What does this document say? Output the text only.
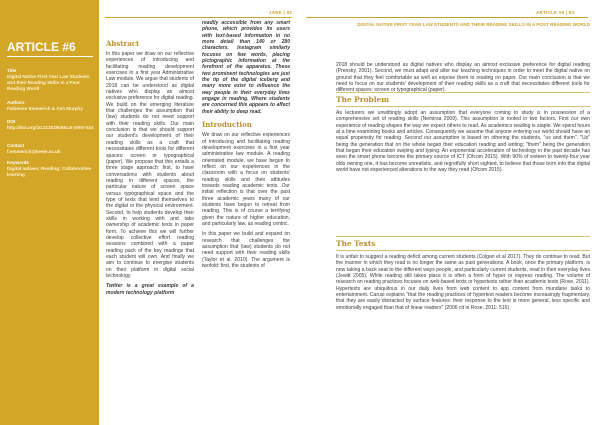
ARTICLE #6
Title
Digital Native First Year Law Students and their Reading Skills in a Post Reading World
Authors
Fabienne Emmerich & Ash Murphy
DOI
http://doi.org/10.21252/KEELE-0000-034
Contact
f.emmerich@keele.ac.uk
Keywords
Digital natives; Reading; Collaborative learning
JADE | 92
Abstract
In this paper we draw on our reflective experiences of introducing and facilitating reading development exercises in a first year Administrative Law module. We argue that students of 2018 can be understood as digital natives who display an almost exclusive preference for digital reading. We build on the emerging literature that challenges the assumption that (law) students do not need support with their reading skills. Our main conclusion is that we should support our student's development of their reading skills as a craft that necessitates different tools for different spaces: screen or typographical (paper). We propose that this entails a three stage approach: first, to have conversations with students about reading in different spaces, the particular nature of screen space versus typographical space and the type of texts that lend themselves to the digital or the physical environment. Second, to help students develop their skills in working with and take ownership of academic texts in paper form. To achieve this we will further develop collective effort reading sessions combined with a paper reading pack of the key readings that each student will own. And finally we aim to continue to energise students on their platform in digital social technology.
Twitter is a great example of a modern technology platform
readily accessible from any smart phone, which provides its users with text-based information in no more detail than 140 or 280 characters. Instagram similarly focuses on few words, placing pictographic information at the forefront of the apparatus. These two prominent technologies are just the tip of the digital iceberg and many more exist to influence the way people in their everyday lives engage in reading. Where students are concerned this appears to affect their ability to deep read.
Introduction
We draw on our reflective experiences of introducing and facilitating reading development exercises in a first year administrative law module. A reading orientated module, we have begun to reflect on our experiences in the classroom with a focus on students' reading skills and their attitudes towards reading academic texts. Our initial reflection is that over the past three academic years many of our students have begun to retreat from reading. This is of course a terrifying given the nature of higher education, and particularly law, as reading centric.
In this paper we build and expand on research that challenges the assumption that (law) students do not need support with their reading skills (Taylor et al. 2010). The argument is twofold: first, the students of
ARTICLE #6 | 93
DIGITAL NATIVE FIRST YEAR LAW STUDENTS AND THEIR READING SKILLS IN A POST READING WORLD
2018 should be understood as digital natives who display an almost exclusive preference for digital reading (Prensky, 2001). Second, we must adapt and alter our teaching techniques in order to meet the digital native on ground that they feel comfortable as well as expose them to reading on paper. Our main conclusion is that we need to focus on our students' development of their reading skills as a craft that necessitates different tools for different spaces: screen or typographical (paper).
The Problem
As lecturers we unwittingly adopt an assumption that everyone coming to study is in possession of a comprehensive set of reading skills (Nemirsa 2009). This assumption is rooted in two factors. First our own experience of reading shapes the way we expect others to read. As academics reading is staple. We spend hours at a time examining books and articles. Consequently we assume that anyone entering our world should have an equal propensity for reading. Second our assumption is based on othering the students, "us and them". "Us" being the generation that on the whole began their education reading and writing; "them" being the generation that began their education swiping and typing. An exponential acceleration of technology in the past decade has seen the smart phone become the primary source of ICT (Ofcom 2015). With 90% of sixteen to twenty-four year olds owning one, it has become unrealistic, and regretfully short sighted, to believe that those born into this digital world have not experienced alterations to the way they read (Ofcom 2015).
The Texts
It is unfair to suggest a reading deficit among current students (Colgan et al 2017). They do continue to read. But the manner in which they read is no longer the same as past generations. A book, once the primary platform, is now taking a back seat to the different ways people, and particularly current students, read in their everyday lives (Jewitt 2005). While reading still takes place it is often a form of hyper or express reading. The volume of research on reading practices focuses on web-based texts or hypertexts rather than academic texts (Rose, 2011). Hypertexts are ubiquitous in our daily lives from web content to app content from mundane tasks to entertainment. Carusi explains "that the reading practices of hypertext readers become increasingly fragmentary, that they are easily distracted by surface features: their response to the text is more general, less specific and emotionally engaged than that of linear readers" (2006 cit in Rose, 2011: 516).
